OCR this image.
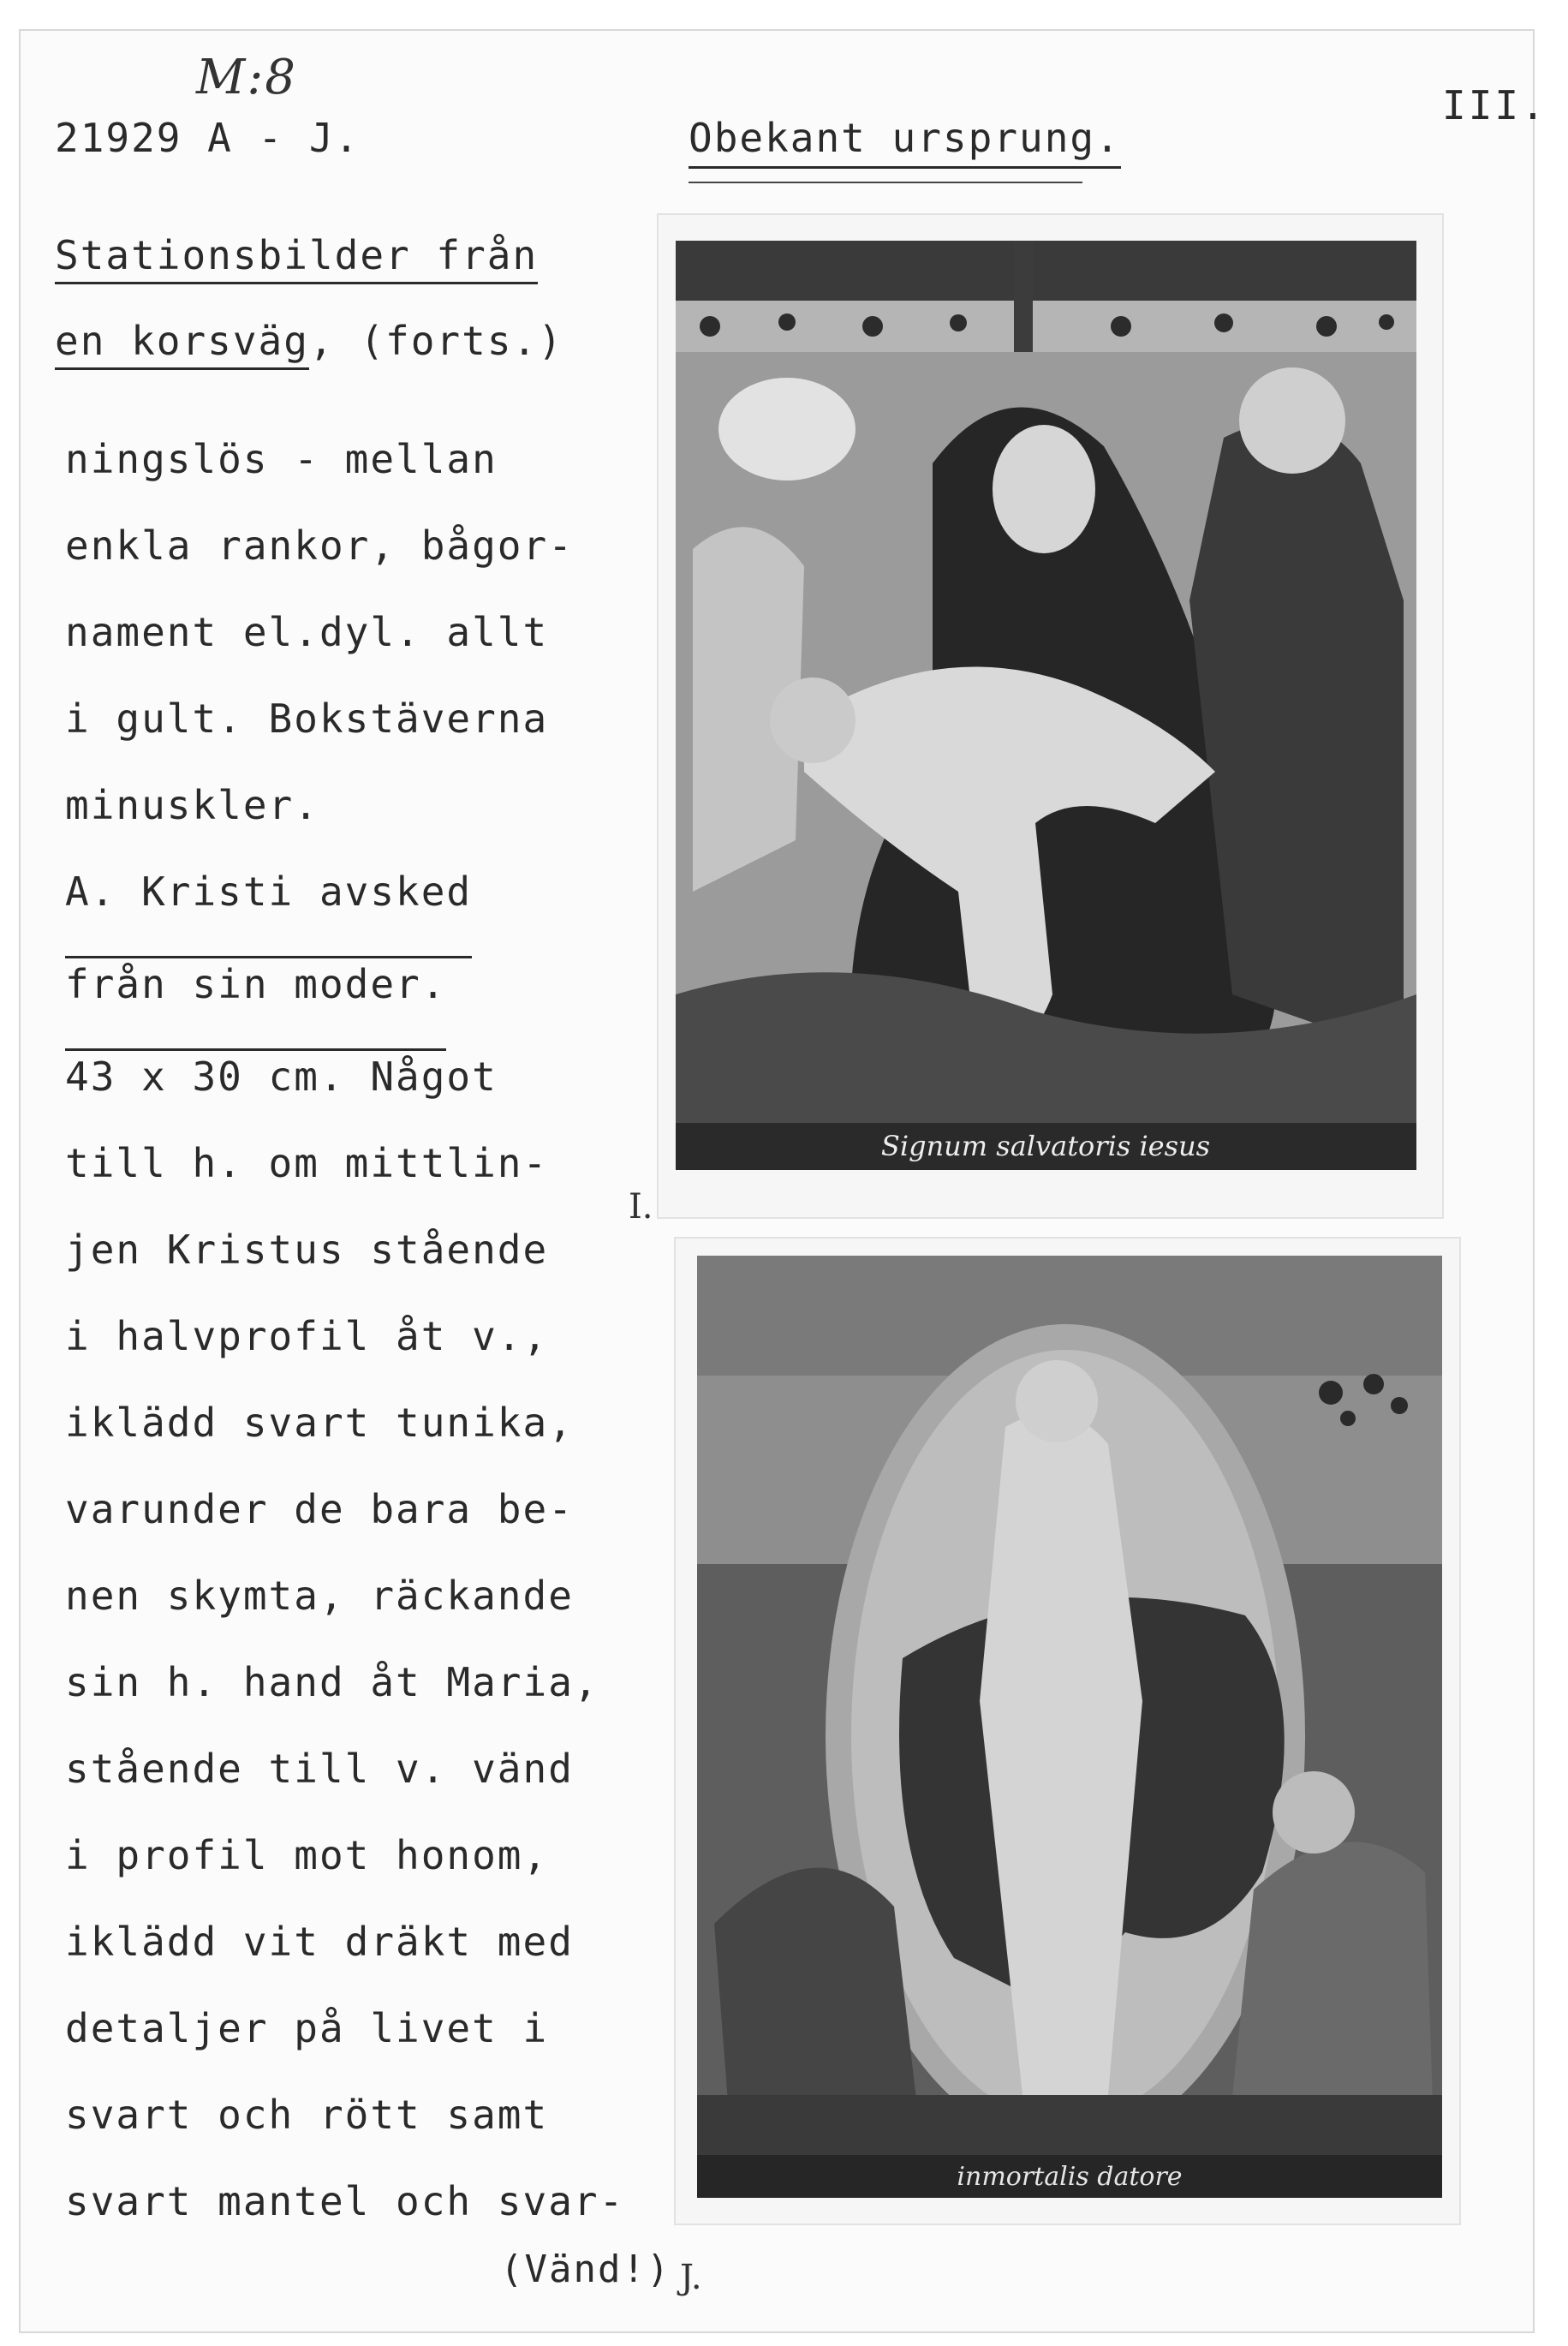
M:8
21929 A - J.	Obekant ursprung.
III.
Stationsbilder från
en korsväg, (forts.)
ningslös - mellan
enkla rankor, bågor-
nament el.dyl. allt
i gult. Bokstäverna
minuskler.
A. Kristi avsked från sin moder.
43 x 30 cm. Något
till h. om mittlin-
jen Kristus stående
i halvprofil åt v.,
iklädd svart tunika,
varunder de bara be-
nen skymta, räckande
sin h. hand åt Maria,
stående till v. vänd
i profil mot honom,
iklädd vit dräkt med
detaljer på livet i
svart och rött samt
svart mantel och svar-
(Vänd!)
I.
J.
Signum salvatoris iesus
inmortalis datore
